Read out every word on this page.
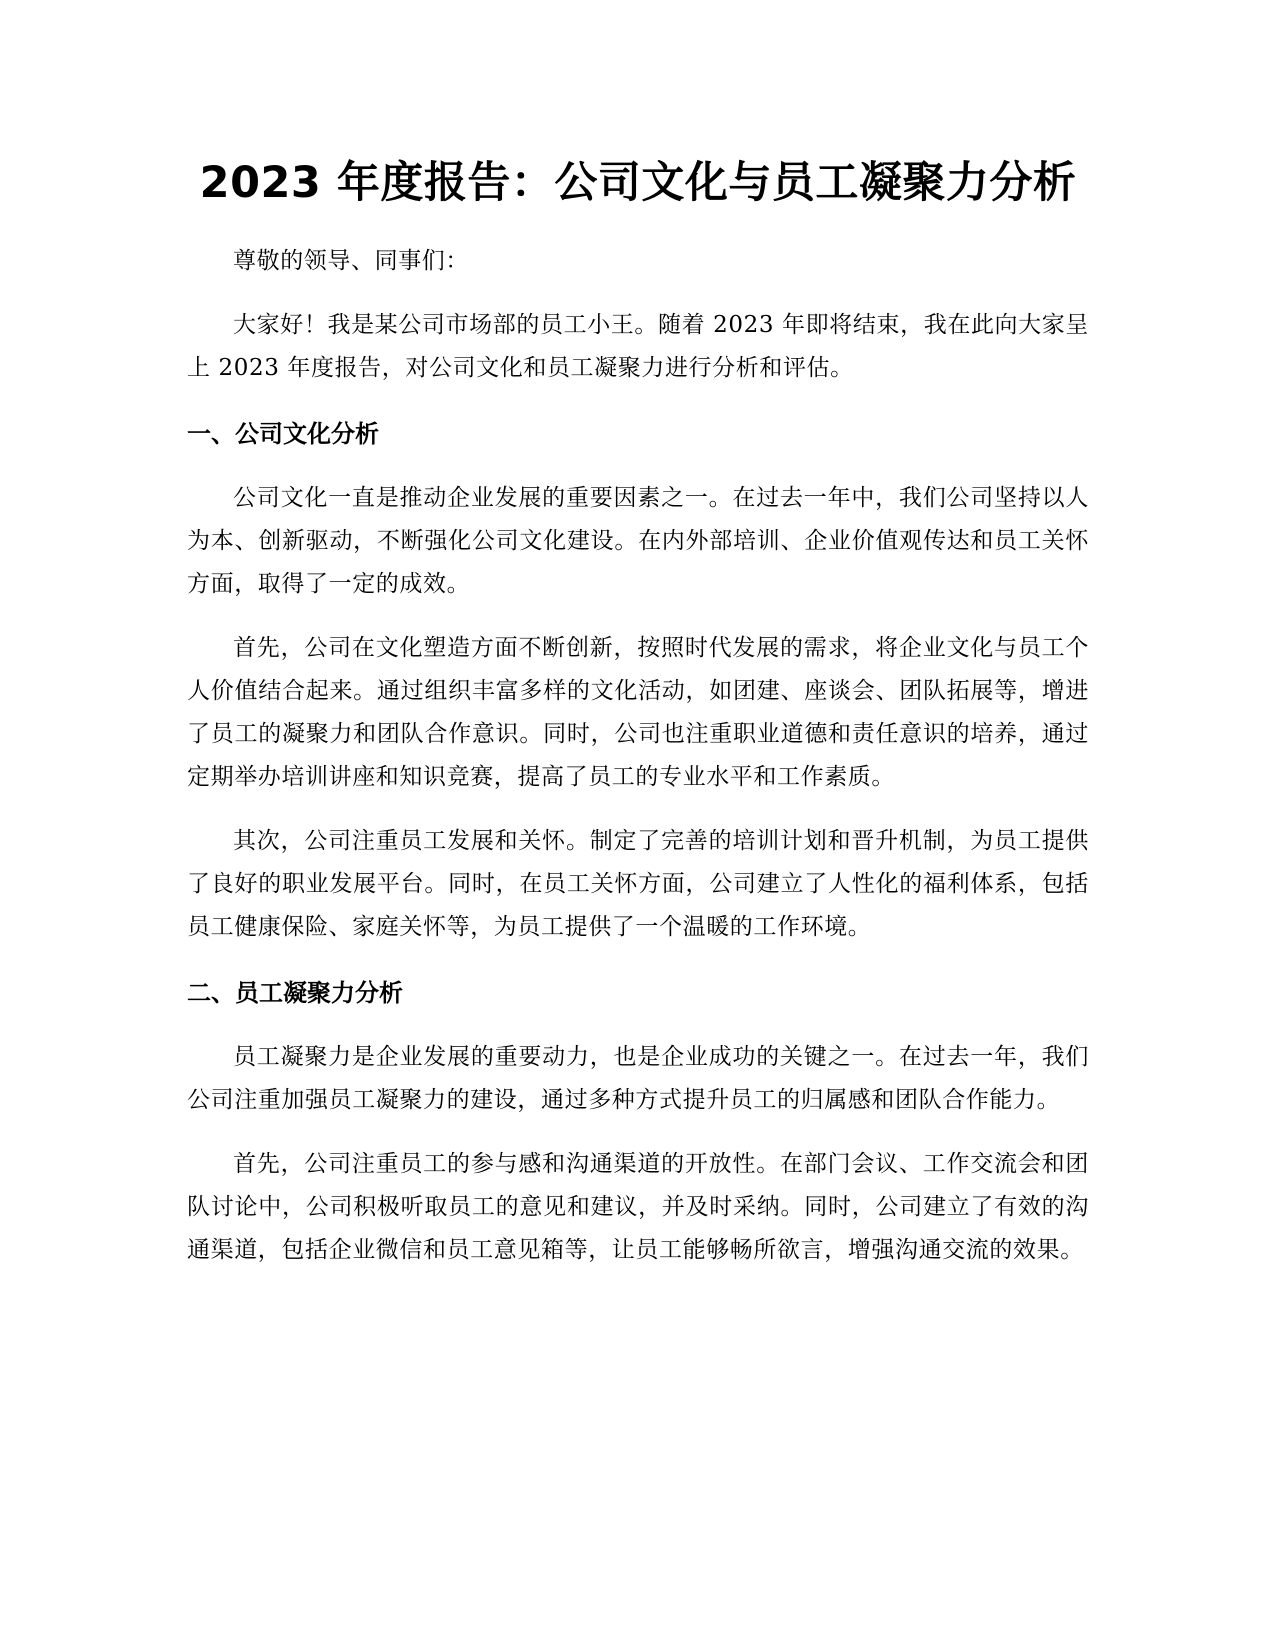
2023 年度报告：公司文化与员工凝聚力分析

尊敬的领导、同事们：

大家好！我是某公司市场部的员工小王。随着 2023 年即将结束，我在此向大家呈上 2023 年度报告，对公司文化和员工凝聚力进行分析和评估。

一、公司文化分析

公司文化一直是推动企业发展的重要因素之一。在过去一年中，我们公司坚持以人为本、创新驱动，不断强化公司文化建设。在内外部培训、企业价值观传达和员工关怀方面，取得了一定的成效。

首先，公司在文化塑造方面不断创新，按照时代发展的需求，将企业文化与员工个人价值结合起来。通过组织丰富多样的文化活动，如团建、座谈会、团队拓展等，增进了员工的凝聚力和团队合作意识。同时，公司也注重职业道德和责任意识的培养，通过定期举办培训讲座和知识竞赛，提高了员工的专业水平和工作素质。

其次，公司注重员工发展和关怀。制定了完善的培训计划和晋升机制，为员工提供了良好的职业发展平台。同时，在员工关怀方面，公司建立了人性化的福利体系，包括员工健康保险、家庭关怀等，为员工提供了一个温暖的工作环境。

二、员工凝聚力分析

员工凝聚力是企业发展的重要动力，也是企业成功的关键之一。在过去一年，我们公司注重加强员工凝聚力的建设，通过多种方式提升员工的归属感和团队合作能力。

首先，公司注重员工的参与感和沟通渠道的开放性。在部门会议、工作交流会和团队讨论中，公司积极听取员工的意见和建议，并及时采纳。同时，公司建立了有效的沟通渠道，包括企业微信和员工意见箱等，让员工能够畅所欲言，增强沟通交流的效果。
